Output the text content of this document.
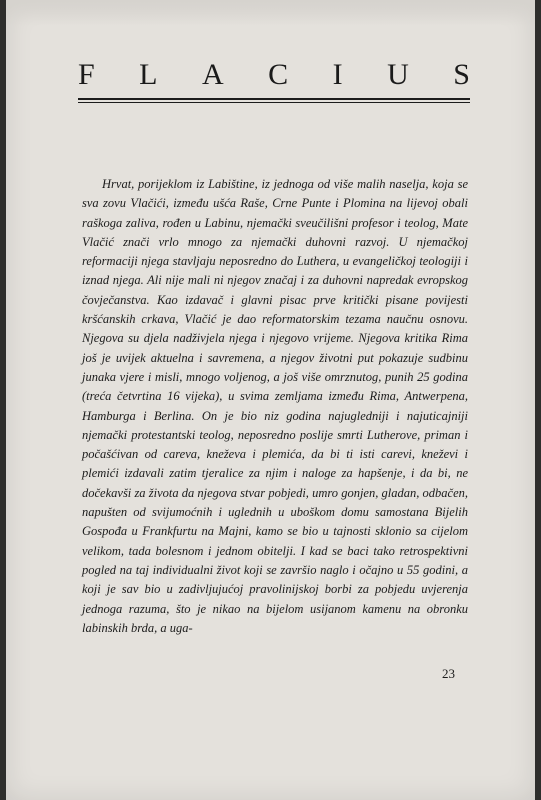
F L A C I U S

Hrvat, porijeklom iz Labištine, iz jednoga od više malih naselja, koja se sva zovu Vlačići, između ušća Raše, Crne Punte i Plomina na lijevoj obali raškoga zaliva, rođen u Labinu, njemački sveučilišni profesor i teolog, Mate Vlačić znači vrlo mnogo za njemački duhovni razvoj. U njemačkoj reformaciji njega stavljaju neposredno do Luthera, u evangeličkoj teologiji i iznad njega. Ali nije mali ni njegov značaj i za duhovni napredak evropskog čovječanstva. Kao izdavač i glavni pisac prve kritički pisane povijesti kršćanskih crkava, Vlačić je dao reformatorskim tezama naučnu osnovu. Njegova su djela nadživjela njega i njegovo vrijeme. Njegova kritika Rima još je uvijek aktuelna i savremena, a njegov životni put pokazuje sudbinu junaka vjere i misli, mnogo voljenog, a još više omrznutog, punih 25 godina (treća četvrtina 16 vijeka), u svima zemljama između Rima, Antwerpena, Hamburga i Berlina. On je bio niz godina najugledniji i najuticajniji njemački protestantski teolog, neposredno poslije smrti Lutherove, priman i počašćivan od careva, kneževa i plemića, da bi ti isti carevi, kneževi i plemići izdavali zatim tjeralice za njim i naloge za hapšenje, i da bi, ne dočekavši za života da njegova stvar pobjedi, umro gonjen, gladan, odbačen, napušten od svijumoćnih i uglednih u uboškom domu samostana Bijelih Gospođa u Frankfurtu na Majni, kamo se bio u tajnosti sklonio sa cijelom velikom, tada bolesnom i jednom obitelji. I kad se baci tako retrospektivni pogled na taj individualni život koji se završio naglo i očajno u 55 godini, a koji je sav bio u zadivljujućoj pravolinijskoj borbi za pobjedu uvjerenja jednoga razuma, što je nikao na bijelom usijanom kamenu na obronku labinskih brda, a uga-

23
